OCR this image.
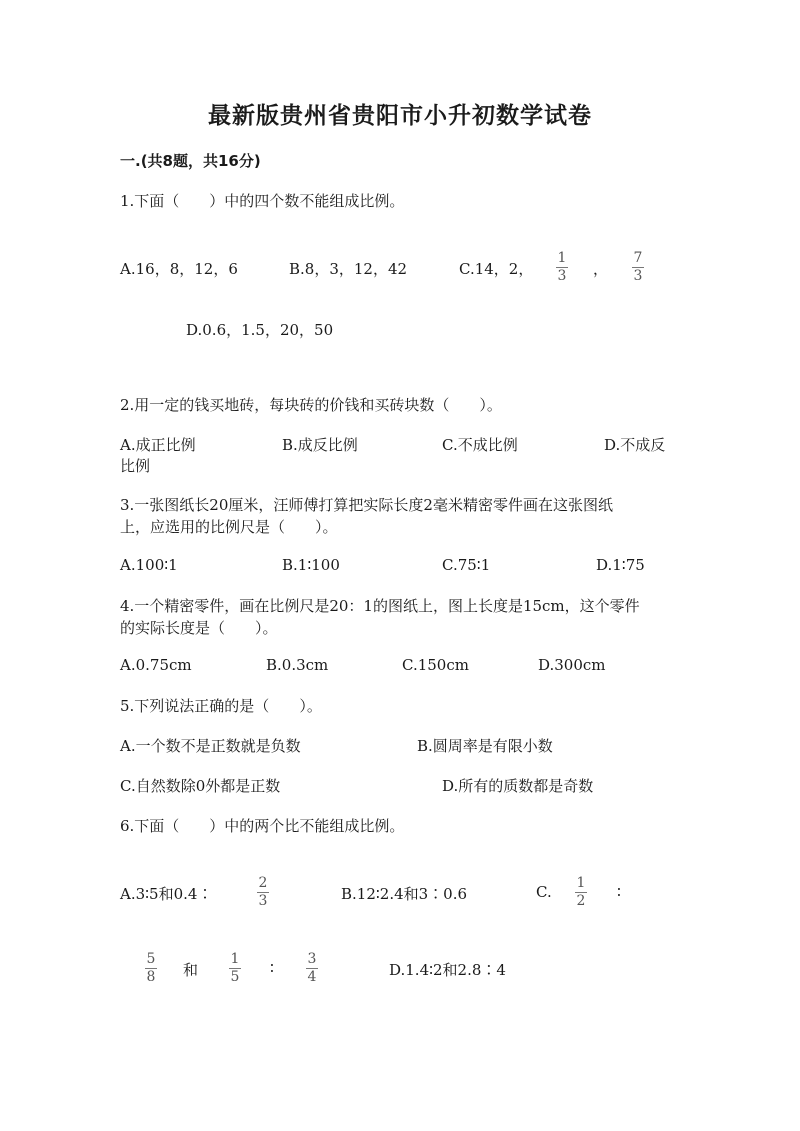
最新版贵州省贵阳市小升初数学试卷
一.(共8题，共16分)
1.下面（　　）中的四个数不能组成比例。
A.16，8，12，6	B.8，3，12，42	C.14，2，
1
3 ，
7
3
D.0.6，1.5，20，50
2.用一定的钱买地砖，每块砖的价钱和买砖块数（　　）。
A.成正比例	B.成反比例	C.不成比例	D.不成反
比例
3.一张图纸长20厘米，汪师傅打算把实际长度2毫米精密零件画在这张图纸
上，应选用的比例尺是（　　）。
A.100∶1	B.1∶100	C.75∶1	D.1∶75
4.一个精密零件，画在比例尺是20：1的图纸上，图上长度是15cm，这个零件
的实际长度是（　　）。
A.0.75cm	B.0.3cm	C.150cm	D.300cm
5.下列说法正确的是（　　）。
A.一个数不是正数就是负数	B.圆周率是有限小数
C.自然数除0外都是正数	D.所有的质数都是奇数
6.下面（　　）中的两个比不能组成比例。
A.3∶5和0.4∶
2
3	B.12∶2.4和3∶0.6	C. 1
2 ∶
5
8 和
1
5 ∶ 3
4	D.1.4∶2和2.8∶4
